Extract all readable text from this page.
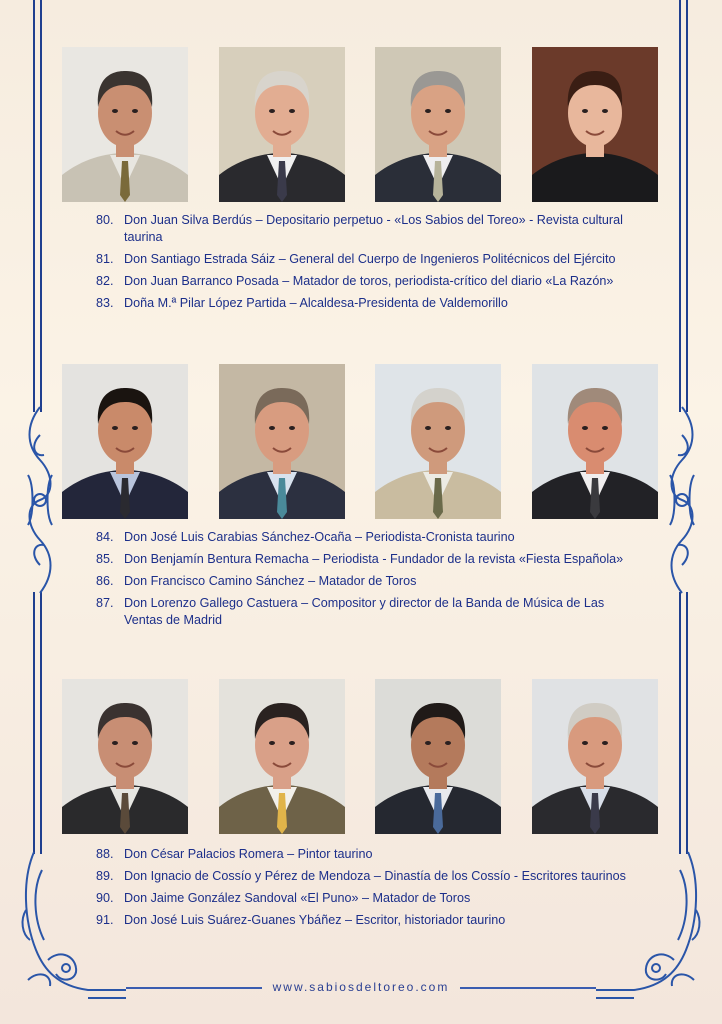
80. Don Juan Silva Berdús – Depositario perpetuo - «Los Sabios del Toreo» - Revista cultural taurina
81. Don Santiago Estrada Sáiz – General del Cuerpo de Ingenieros Politécnicos del Ejército
82. Don Juan Barranco Posada – Matador de toros, periodista-crítico del diario «La Razón»
83. Doña M.ª Pilar López Partida – Alcaldesa-Presidenta de Valdemorillo
84. Don José Luis Carabias Sánchez-Ocaña – Periodista-Cronista taurino
85. Don Benjamín Bentura Remacha – Periodista - Fundador de la revista «Fiesta Española»
86. Don Francisco Camino Sánchez – Matador de Toros
87. Don Lorenzo Gallego Castuera – Compositor y director de la Banda de Música de Las Ventas de Madrid
88. Don César Palacios Romera – Pintor taurino
89. Don Ignacio de Cossío y Pérez de Mendoza – Dinastía de los Cossío - Escritores taurinos
90. Don Jaime González Sandoval «El Puno» – Matador de Toros
91. Don José Luis Suárez-Guanes Ybáñez – Escritor, historiador taurino
www.sabiosdeltoreo.com
